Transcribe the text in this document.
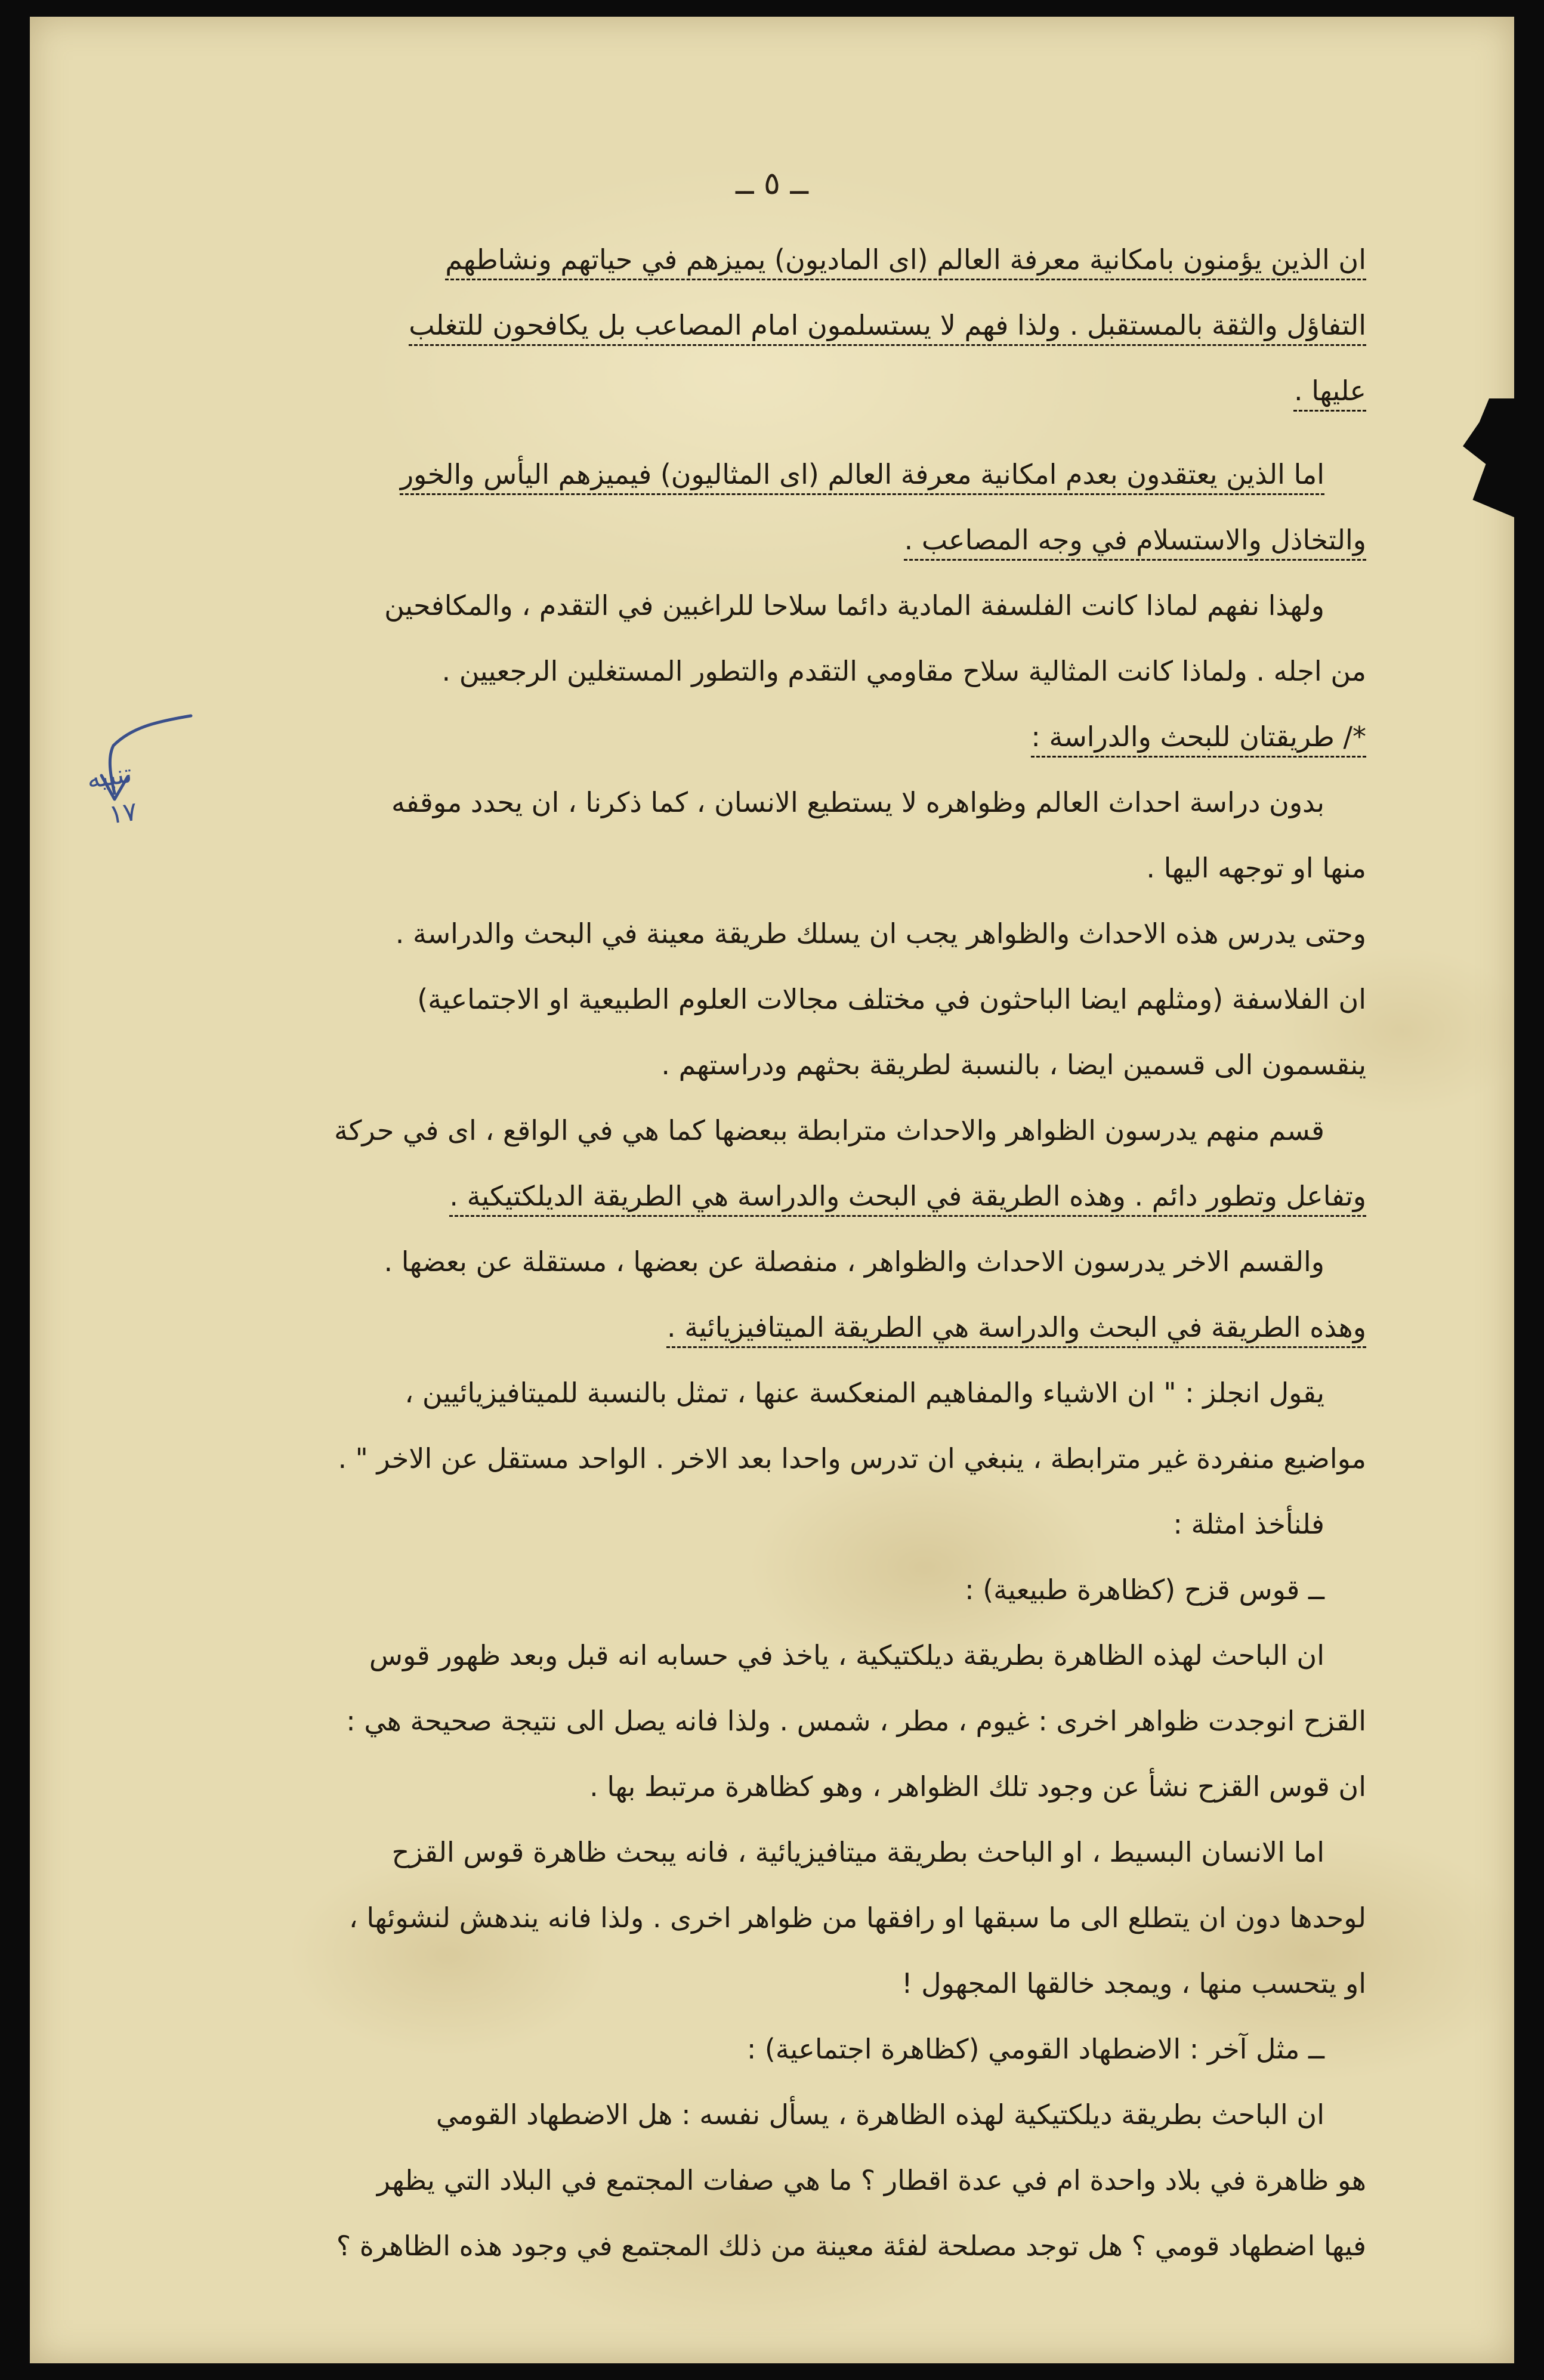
ــ ٥ ــ
تنبيه
١٧
ان الذين يؤمنون بامكانية معرفة العالم (اى الماديون) يميزهم في حياتهم ونشاطهم
التفاؤل والثقة بالمستقبل . ولذا فهم لا يستسلمون امام المصاعب بل يكافحون للتغلب
عليها .
اما الذين يعتقدون بعدم امكانية معرفة العالم (اى المثاليون) فيميزهم اليأس والخور
والتخاذل والاستسلام في وجه المصاعب .
ولهذا نفهم لماذا كانت الفلسفة المادية دائما سلاحا للراغبين في التقدم ، والمكافحين
من اجله . ولماذا كانت المثالية سلاح مقاومي التقدم والتطور المستغلين الرجعيين .
*/ طريقتان للبحث والدراسة :
بدون دراسة احداث العالم وظواهره لا يستطيع الانسان ، كما ذكرنا ، ان يحدد موقفه
منها او توجهه اليها .
وحتى يدرس هذه الاحداث والظواهر يجب ان يسلك طريقة معينة في البحث والدراسة .
ان الفلاسفة (ومثلهم ايضا الباحثون في مختلف مجالات العلوم الطبيعية او الاجتماعية)
ينقسمون الى قسمين ايضا ، بالنسبة لطريقة بحثهم ودراستهم .
قسم منهم يدرسون الظواهر والاحداث مترابطة ببعضها كما هي في الواقع ، اى في حركة
وتفاعل وتطور دائم . وهذه الطريقة في البحث والدراسة هي الطريقة الديلكتيكية .
والقسم الاخر يدرسون الاحداث والظواهر ، منفصلة عن بعضها ، مستقلة عن بعضها .
وهذه الطريقة في البحث والدراسة هي الطريقة الميتافيزيائية .
يقول انجلز : " ان الاشياء والمفاهيم المنعكسة عنها ، تمثل بالنسبة للميتافيزيائيين ،
مواضيع منفردة غير مترابطة ، ينبغي ان تدرس واحدا بعد الاخر . الواحد مستقل عن الاخر " .
فلنأخذ امثلة :
ــ قوس قزح (كظاهرة طبيعية) :
ان الباحث لهذه الظاهرة بطريقة ديلكتيكية ، ياخذ في حسابه انه قبل وبعد ظهور قوس
القزح انوجدت ظواهر اخرى : غيوم ، مطر ، شمس . ولذا فانه يصل الى نتيجة صحيحة هي :
ان قوس القزح نشأ عن وجود تلك الظواهر ، وهو كظاهرة مرتبط بها .
اما الانسان البسيط ، او الباحث بطريقة ميتافيزيائية ، فانه يبحث ظاهرة قوس القزح
لوحدها دون ان يتطلع الى ما سبقها او رافقها من ظواهر اخرى . ولذا فانه يندهش لنشوئها ،
او يتحسب منها ، ويمجد خالقها المجهول !
ــ مثل آخر : الاضطهاد القومي (كظاهرة اجتماعية) :
ان الباحث بطريقة ديلكتيكية لهذه الظاهرة ، يسأل نفسه : هل الاضطهاد القومي
هو ظاهرة في بلاد واحدة ام في عدة اقطار ؟ ما هي صفات المجتمع في البلاد التي يظهر
فيها اضطهاد قومي ؟ هل توجد مصلحة لفئة معينة من ذلك المجتمع في وجود هذه الظاهرة ؟
